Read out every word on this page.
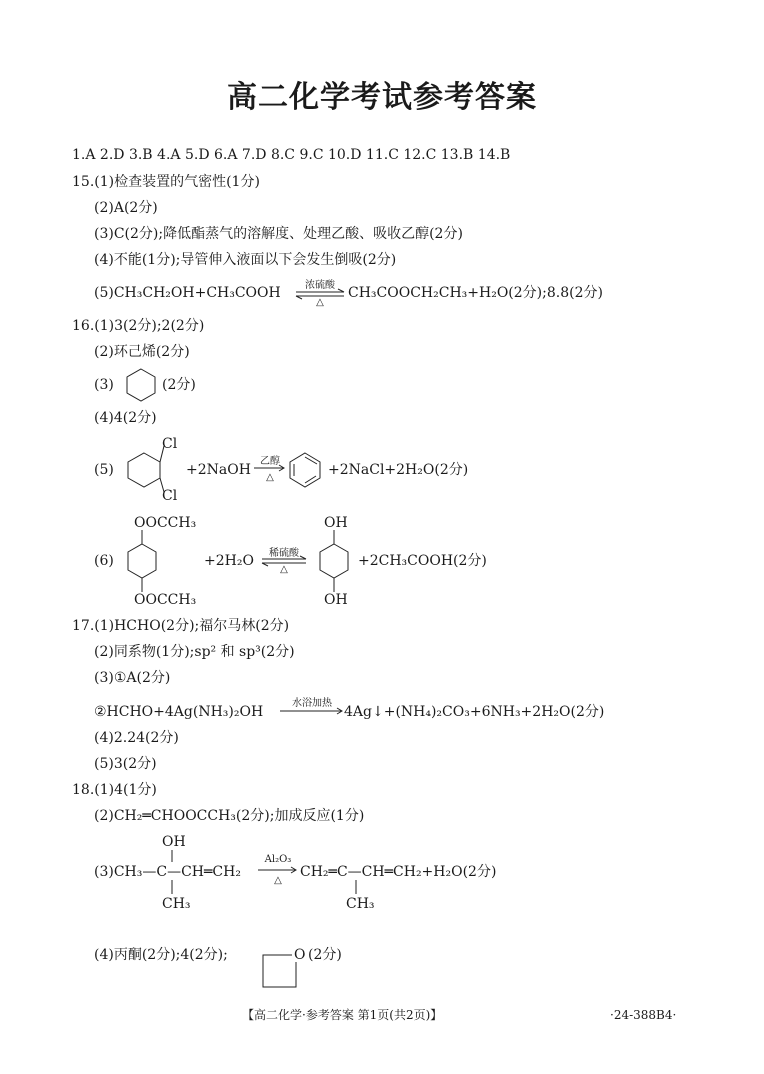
高二化学考试参考答案
1.A 2.D 3.B 4.A 5.D 6.A 7.D 8.C 9.C 10.D 11.C 12.C 13.B 14.B
15.(1)检查装置的气密性(1分)
(2)A(2分)
(3)C(2分);降低酯蒸气的溶解度、处理乙酸、吸收乙醇(2分)
(4)不能(1分);导管伸入液面以下会发生倒吸(2分)
(5)CH₃CH₂OH+CH₃COOH	浓硫酸
△
CH₃COOCH₂CH₃+H₂O(2分);8.8(2分)
16.(1)3(2分);2(2分)
(2)环己烯(2分)
(3)	(2分)
(4)4(2分)
(5)
Cl
Cl
+2NaOH
乙醇
△	+2NaCl+2H₂O(2分)
(6)
OOCCH₃
OOCCH₃
+2H₂O	稀硫酸
△
OH
OH
+2CH₃COOH(2分)
17.(1)HCHO(2分);福尔马林(2分)
(2)同系物(1分);sp² 和 sp³(2分)
(3)①A(2分)
②HCHO+4Ag(NH₃)₂OH
水浴加热
→ 4Ag↓+(NH₄)₂CO₃+6NH₃+2H₂O(2分)
(4)2.24(2分)
(5)3(2分)
18.(1)4(1分)
(2)CH₂═CHOOCCH₃(2分);加成反应(1分)
OH
(3)CH₃—C—CH═CH₂
CH₃
Al₂O₃
△
CH₂═C—CH═CH₂+H₂O(2分)
CH₃
(4)丙酮(2分);4(2分);	O (2分)
【高二化学·参考答案 第1页(共2页)】	·24-388B4·
